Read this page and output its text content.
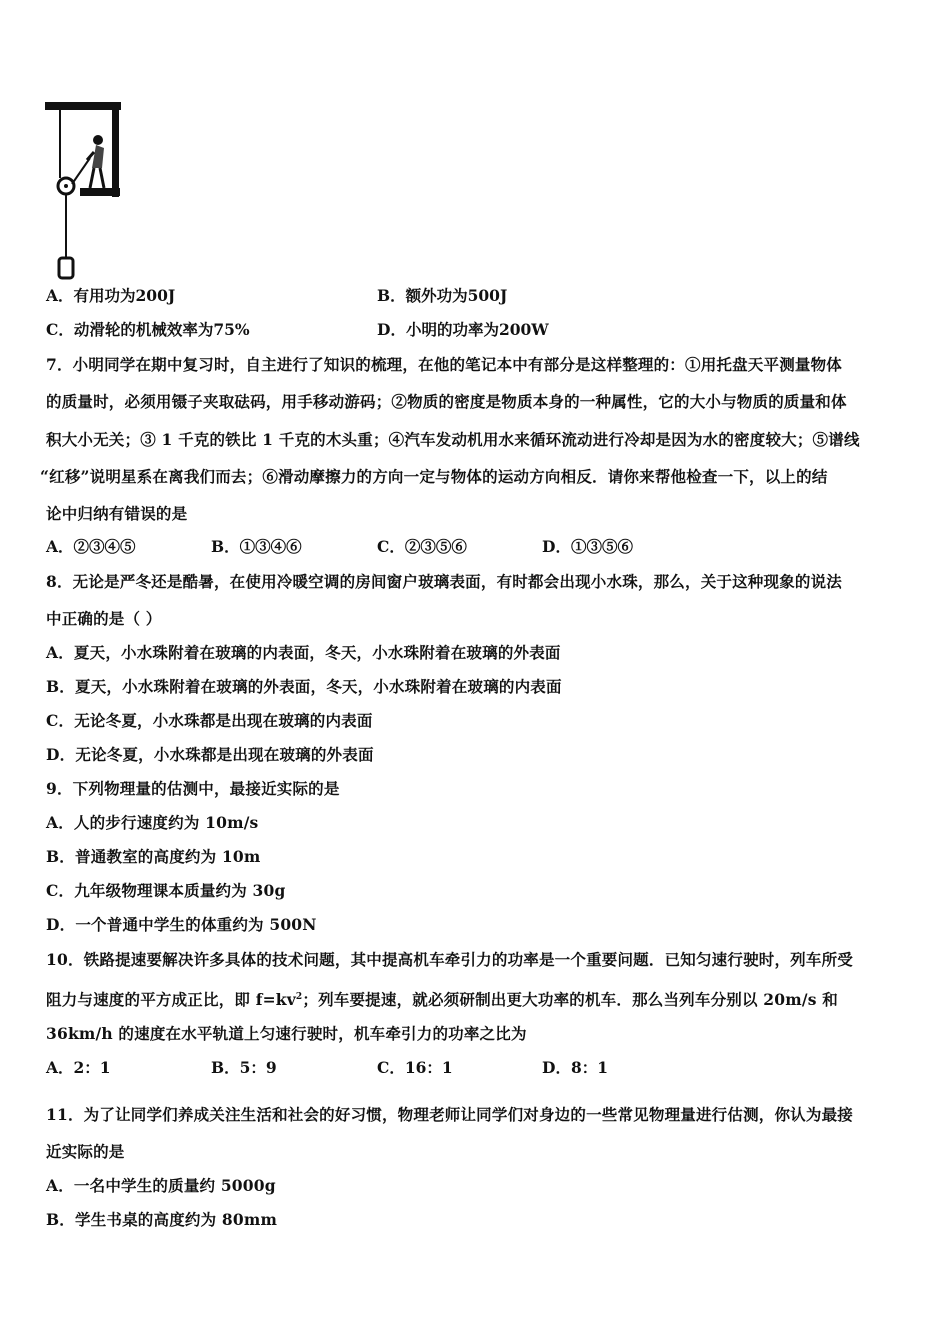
A．有用功为200J	B．额外功为500J
C．动滑轮的机械效率为75%	D．小明的功率为200W
7．小明同学在期中复习时，自主进行了知识的梳理，在他的笔记本中有部分是这样整理的：①用托盘天平测量物体
的质量时，必须用镊子夹取砝码，用手移动游码；②物质的密度是物质本身的一种属性，它的大小与物质的质量和体
积大小无关；③ 1 千克的铁比 1 千克的木头重；④汽车发动机用水来循环流动进行冷却是因为水的密度较大；⑤谱线
“红移”说明星系在离我们而去；⑥滑动摩擦力的方向一定与物体的运动方向相反．请你来帮他检查一下，以上的结
论中归纳有错误的是
A．②③④⑤	B．①③④⑥	C．②③⑤⑥	D．①③⑤⑥
8．无论是严冬还是酷暑，在使用冷暖空调的房间窗户玻璃表面，有时都会出现小水珠，那么，关于这种现象的说法
中正确的是（ ）
A．夏天，小水珠附着在玻璃的内表面，冬天，小水珠附着在玻璃的外表面
B．夏天，小水珠附着在玻璃的外表面，冬天，小水珠附着在玻璃的内表面
C．无论冬夏，小水珠都是出现在玻璃的内表面
D．无论冬夏，小水珠都是出现在玻璃的外表面
9．下列物理量的估测中，最接近实际的是
A．人的步行速度约为 10m/s
B．普通教室的高度约为 10m
C．九年级物理课本质量约为 30g
D．一个普通中学生的体重约为 500N
10．铁路提速要解决许多具体的技术问题，其中提高机车牵引力的功率是一个重要问题．已知匀速行驶时，列车所受
阻力与速度的平方成正比，即 $f=kv^2$；列车要提速，就必须研制出更大功率的机车．那么当列车分别以 20m/s 和
36km/h 的速度在水平轨道上匀速行驶时，机车牵引力的功率之比为
A．2：1	B．5：9	C．16：1	D．8：1
11．为了让同学们养成关注生活和社会的好习惯，物理老师让同学们对身边的一些常见物理量进行估测，你认为最接
近实际的是
A．一名中学生的质量约 5000g
B．学生书桌的高度约为 80mm
